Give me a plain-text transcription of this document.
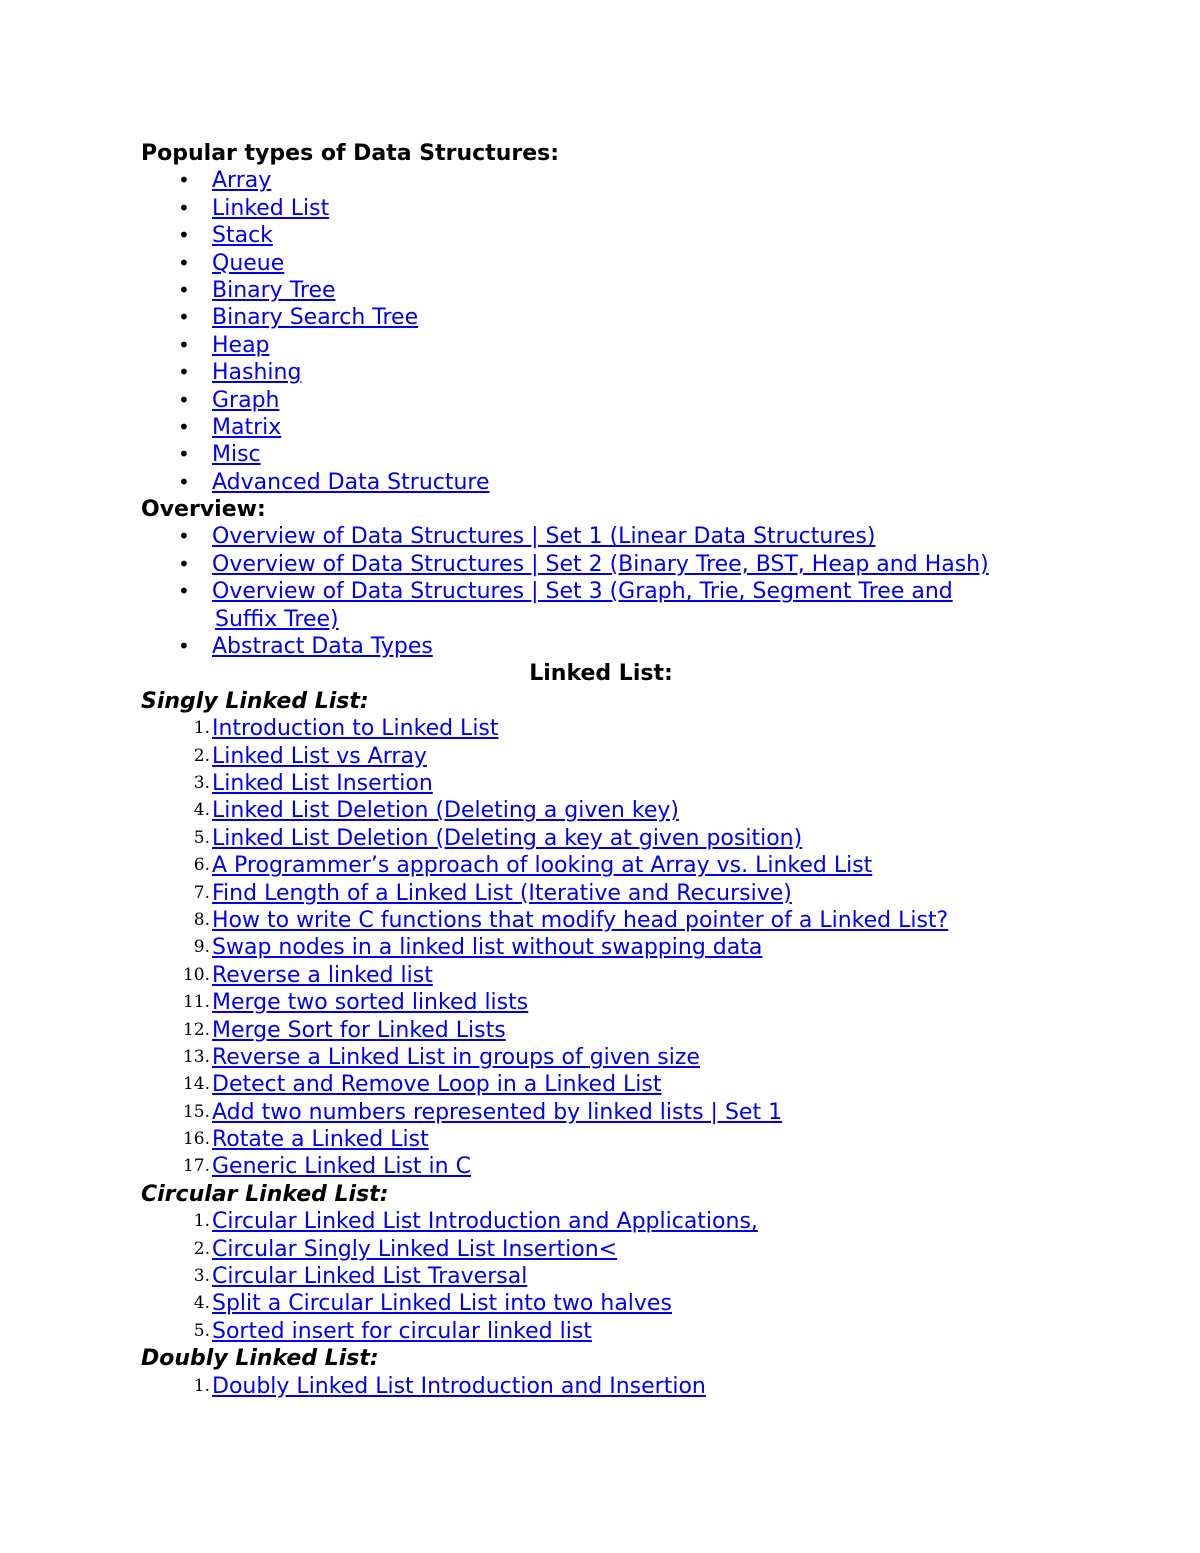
Popular types of Data Structures:
• Array
• Linked List
• Stack
• Queue
• Binary Tree
• Binary Search Tree
• Heap
• Hashing
• Graph
• Matrix
• Misc
• Advanced Data Structure
Overview:
• Overview of Data Structures | Set 1 (Linear Data Structures)
• Overview of Data Structures | Set 2 (Binary Tree, BST, Heap and Hash)
• Overview of Data Structures | Set 3 (Graph, Trie, Segment Tree and
Suffix Tree)
• Abstract Data Types
Linked List:
Singly Linked List:
1. Introduction to Linked List
2. Linked List vs Array
3. Linked List Insertion
4. Linked List Deletion (Deleting a given key)
5. Linked List Deletion (Deleting a key at given position)
6. A Programmer’s approach of looking at Array vs. Linked List
7. Find Length of a Linked List (Iterative and Recursive)
8. How to write C functions that modify head pointer of a Linked List?
9. Swap nodes in a linked list without swapping data
10. Reverse a linked list
11. Merge two sorted linked lists
12. Merge Sort for Linked Lists
13. Reverse a Linked List in groups of given size
14. Detect and Remove Loop in a Linked List
15. Add two numbers represented by linked lists | Set 1
16. Rotate a Linked List
17. Generic Linked List in C
Circular Linked List:
1. Circular Linked List Introduction and Applications,
2. Circular Singly Linked List Insertion<
3. Circular Linked List Traversal
4. Split a Circular Linked List into two halves
5. Sorted insert for circular linked list
Doubly Linked List:
1. Doubly Linked List Introduction and Insertion
